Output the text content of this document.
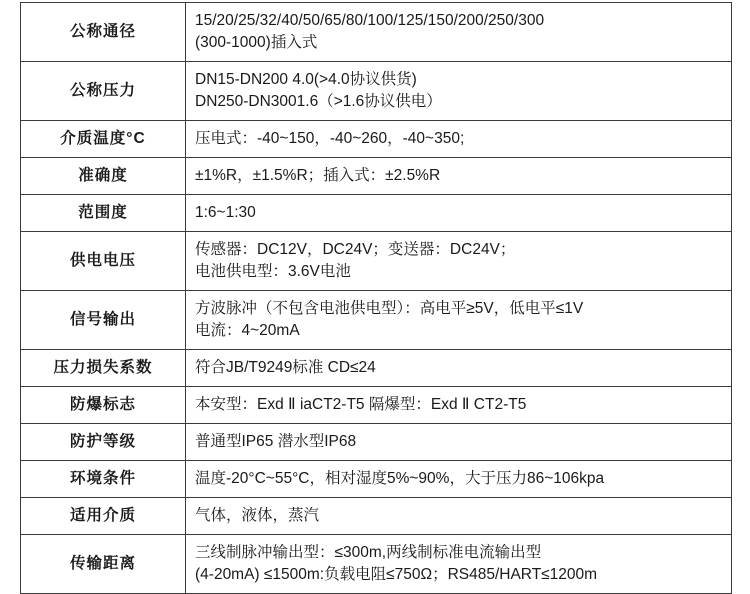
公称通径	15/20/25/32/40/50/65/80/100/125/150/200/250/300
(300-1000)插入式

公称压力	DN15-DN200 4.0(>4.0协议供货)
DN250-DN3001.6（>1.6协议供电）

介质温度°C	压电式：-40~150，-40~260，-40~350;

准确度	±1%R，±1.5%R；插入式：±2.5%R

范围度	1:6~1:30

供电电压	传感器：DC12V，DC24V；变送器：DC24V；
电池供电型：3.6V电池

信号输出	方波脉冲（不包含电池供电型）：高电平≥5V，低电平≤1V
电流：4~20mA

压力损失系数	符合JB/T9249标准 CD≤24

防爆标志	本安型：Exd Ⅱ iaCT2-T5 隔爆型：Exd Ⅱ CT2-T5

防护等级	普通型IP65 潜水型IP68

环境条件	温度-20°C~55°C，相对湿度5%~90%，大于压力86~106kpa

适用介质	气体，液体，蒸汽

传输距离	三线制脉冲输出型：≤300m,两线制标准电流输出型
(4-20mA) ≤1500m:负载电阻≤750Ω；RS485/HART≤1200m
